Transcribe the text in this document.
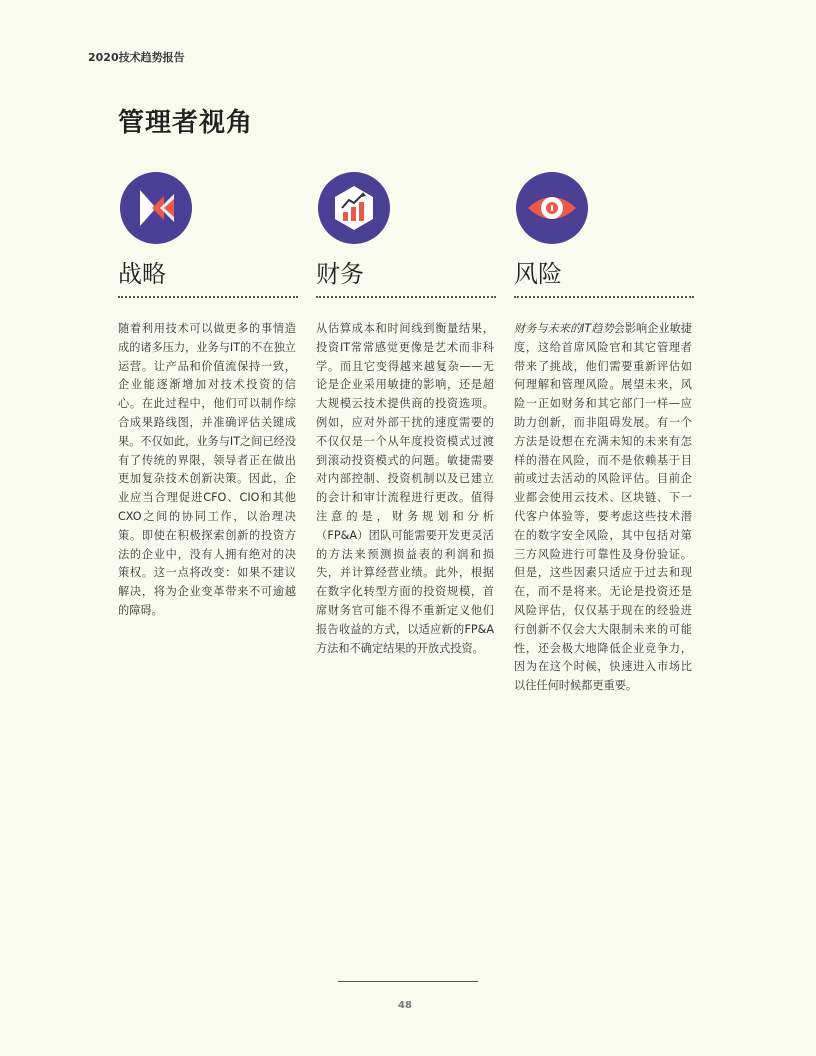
2020技术趋势报告
管理者视角
战略
随着利用技术可以做更多的事情造成的诸多压力，业务与IT的不在独立运营。让产品和价值流保持一致，企业能逐渐增加对技术投资的信心。在此过程中，他们可以制作综合成果路线图，并准确评估关键成果。不仅如此，业务与IT之间已经没有了传统的界限，领导者正在做出更加复杂技术创新决策。因此，企业应当合理促进CFO、CIO和其他CXO之间的协同工作，以治理决策。即使在积极探索创新的投资方法的企业中，没有人拥有绝对的决策权。这一点将改变：如果不建议解决，将为企业变革带来不可逾越的障碍。
财务
从估算成本和时间线到衡量结果，投资IT常常感觉更像是艺术而非科学。而且它变得越来越复杂——无论是企业采用敏捷的影响，还是超大规模云技术提供商的投资选项。例如，应对外部干扰的速度需要的不仅仅是一个从年度投资模式过渡到滚动投资模式的问题。敏捷需要对内部控制、投资机制以及已建立的会计和审计流程进行更改。值得注意的是，财务规划和分析（FP&A）团队可能需要开发更灵活的方法来预测损益表的利润和损失，并计算经营业绩。此外，根据在数字化转型方面的投资规模，首席财务官可能不得不重新定义他们报告收益的方式，以适应新的FP&A方法和不确定结果的开放式投资。
风险
财务与未来的IT趋势会影响企业敏捷度，这给首席风险官和其它管理者带来了挑战，他们需要重新评估如何理解和管理风险。展望未来，风险一正如财务和其它部门一样—应助力创新，而非阻碍发展。有一个方法是设想在充满未知的未来有怎样的潜在风险，而不是依赖基于目前或过去活动的风险评估。目前企业都会使用云技术、区块链、下一代客户体验等，要考虑这些技术潜在的数字安全风险，其中包括对第三方风险进行可靠性及身份验证。但是，这些因素只适应于过去和现在，而不是将来。无论是投资还是风险评估，仅仅基于现在的经验进行创新不仅会大大限制未来的可能性，还会极大地降低企业竞争力，因为在这个时候，快速进入市场比以往任何时候都更重要。
48
